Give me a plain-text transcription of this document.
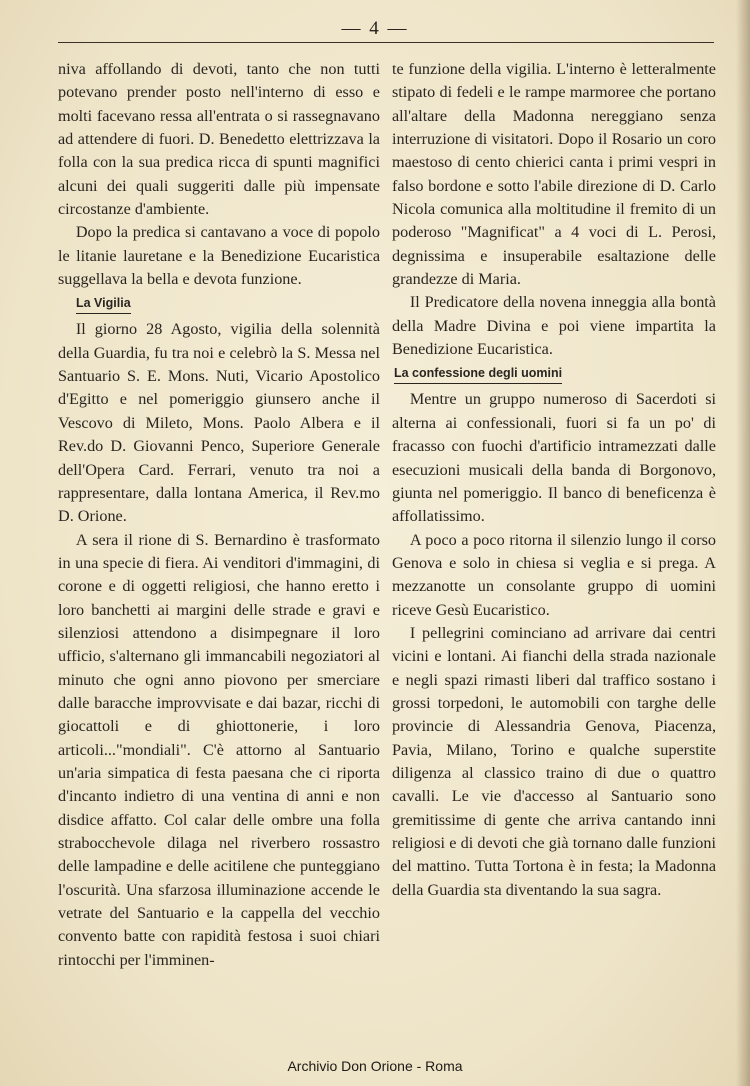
— 4 —

niva affollando di devoti, tanto che non tutti potevano prender posto nell'interno di esso e molti facevano ressa all'entrata o si rassegnavano ad attendere di fuori. D. Benedetto elettrizzava la folla con la sua predica ricca di spunti magnifici alcuni dei quali suggeriti dalle più impensate circostanze d'ambiente.

Dopo la predica si cantavano a voce di popolo le litanie lauretane e la Benedizione Eucaristica suggellava la bella e devota funzione.

La Vigilia

Il giorno 28 Agosto, vigilia della solennità della Guardia, fu tra noi e celebrò la S. Messa nel Santuario S. E. Mons. Nuti, Vicario Apostolico d'Egitto e nel pomeriggio giunsero anche il Vescovo di Mileto, Mons. Paolo Albera e il Rev.do D. Giovanni Penco, Superiore Generale dell'Opera Card. Ferrari, venuto tra noi a rappresentare, dalla lontana America, il Rev.mo D. Orione.

A sera il rione di S. Bernardino è trasformato in una specie di fiera. Ai venditori d'immagini, di corone e di oggetti religiosi, che hanno eretto i loro banchetti ai margini delle strade e gravi e silenziosi attendono a disimpegnare il loro ufficio, s'alternano gli immancabili negoziatori al minuto che ogni anno piovono per smerciare dalle baracche improvvisate e dai bazar, ricchi di giocattoli e di ghiottonerie, i loro articoli..."mondiali". C'è attorno al Santuario un'aria simpatica di festa paesana che ci riporta d'incanto indietro di una ventina di anni e non disdice affatto. Col calar delle ombre una folla strabocchevole dilaga nel riverbero rossastro delle lampadine e delle acitilene che punteggiano l'oscurità. Una sfarzosa illuminazione accende le vetrate del Santuario e la cappella del vecchio convento batte con rapidità festosa i suoi chiari rintocchi per l'imminen-

te funzione della vigilia. L'interno è letteralmente stipato di fedeli e le rampe marmoree che portano all'altare della Madonna nereggiano senza interruzione di visitatori. Dopo il Rosario un coro maestoso di cento chierici canta i primi vespri in falso bordone e sotto l'abile direzione di D. Carlo Nicola comunica alla moltitudine il fremito di un poderoso "Magnificat" a 4 voci di L. Perosi, degnissima e insuperabile esaltazione delle grandezze di Maria.

Il Predicatore della novena inneggia alla bontà della Madre Divina e poi viene impartita la Benedizione Eucaristica.

La confessione degli uomini

Mentre un gruppo numeroso di Sacerdoti si alterna ai confessionali, fuori si fa un po' di fracasso con fuochi d'artificio intramezzati dalle esecuzioni musicali della banda di Borgonovo, giunta nel pomeriggio. Il banco di beneficenza è affollatissimo.

A poco a poco ritorna il silenzio lungo il corso Genova e solo in chiesa si veglia e si prega. A mezzanotte un consolante gruppo di uomini riceve Gesù Eucaristico.

I pellegrini cominciano ad arrivare dai centri vicini e lontani. Ai fianchi della strada nazionale e negli spazi rimasti liberi dal traffico sostano i grossi torpedoni, le automobili con targhe delle provincie di Alessandria Genova, Piacenza, Pavia, Milano, Torino e qualche superstite diligenza al classico traino di due o quattro cavalli. Le vie d'accesso al Santuario sono gremitissime di gente che arriva cantando inni religiosi e di devoti che già tornano dalle funzioni del mattino. Tutta Tortona è in festa; la Madonna della Guardia sta diventando la sua sagra.

Archivio Don Orione - Roma
